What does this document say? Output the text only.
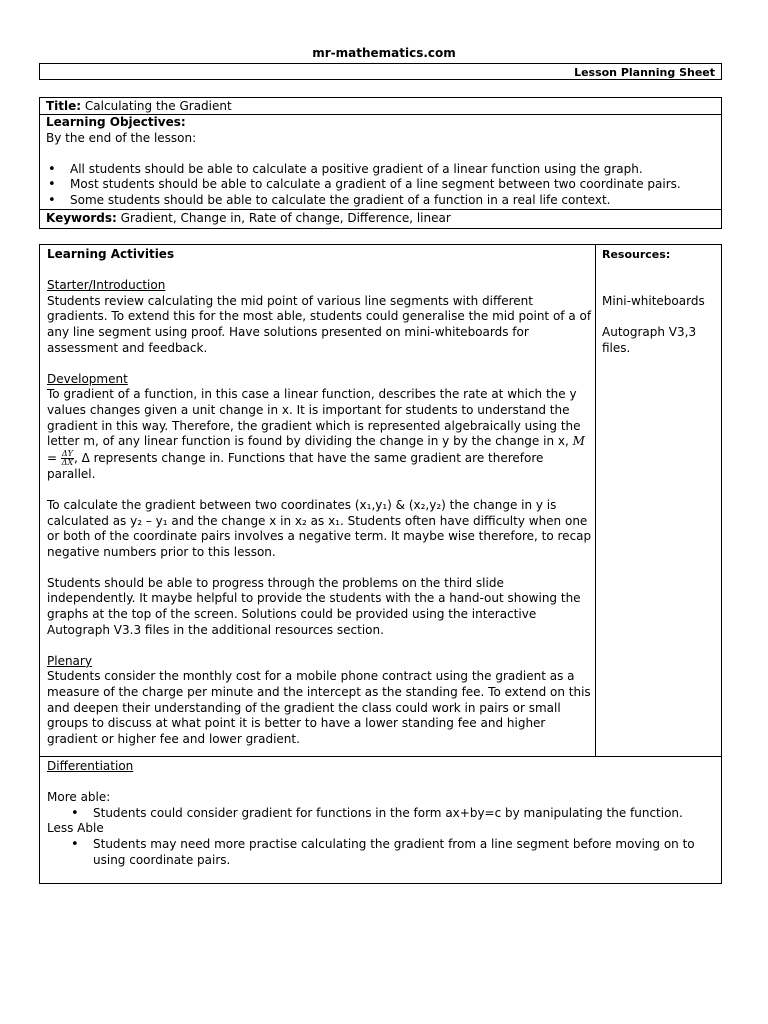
mr-mathematics.com
Lesson Planning Sheet
Title: Calculating the Gradient
Learning Objectives:
By the end of the lesson:
• All students should be able to calculate a positive gradient of a linear function using the graph.
• Most students should be able to calculate a gradient of a line segment between two coordinate pairs.
• Some students should be able to calculate the gradient of a function in a real life context.
Keywords: Gradient, Change in, Rate of change, Difference, linear

Learning Activities

Starter/Introduction

Students review calculating the mid point of various line segments with different gradients. To extend this for the most able, students could generalise the mid point of a of any line segment using proof. Have solutions presented on mini-whiteboards for assessment and feedback.

Development

To gradient of a function, in this case a linear function, describes the rate at which the y values changes given a unit change in x. It is important for students to understand the gradient in this way. Therefore, the gradient which is represented algebraically using the letter m, of any linear function is found by dividing the change in y by the change in x, $M = \frac{\Delta Y}{\Delta X}$ , Δ represents change in. Functions that have the same gradient are therefore parallel.

To calculate the gradient between two coordinates (x₁,y₁) & (x₂,y₂) the change in y is calculated as y₂ – y₁ and the change x in x₂ as x₁. Students often have difficulty when one or both of the coordinate pairs involves a negative term. It maybe wise therefore, to recap negative numbers prior to this lesson.

Students should be able to progress through the problems on the third slide independently. It maybe helpful to provide the students with the a hand-out showing the graphs at the top of the screen. Solutions could be provided using the interactive Autograph V3.3 files in the additional resources section.

Plenary

Students consider the monthly cost for a mobile phone contract using the gradient as a measure of the charge per minute and the intercept as the standing fee. To extend on this and deepen their understanding of the gradient the class could work in pairs or small groups to discuss at what point it is better to have a lower standing fee and higher gradient or higher fee and lower gradient.

Resources:

Mini-whiteboards

Autograph V3,3 files.

Differentiation

More able:

• Students could consider gradient for functions in the form ax+by=c by manipulating the function.

Less Able

• Students may need more practise calculating the gradient from a line segment before moving on to using coordinate pairs.
